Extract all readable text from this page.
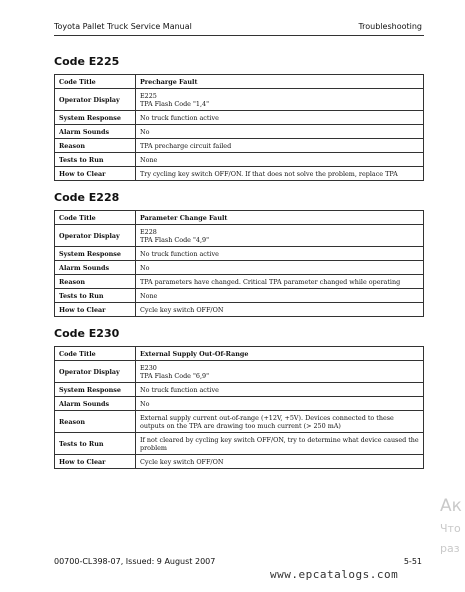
Toyota Pallet Truck Service Manual	Troubleshooting
Code E225
Code Title	Precharge Fault
Operator Display	E225
TPA Flash Code "1,4"
System Response	No truck function active
Alarm Sounds	No
Reason	TPA precharge circuit failed
Tests to Run	None
How to Clear	Try cycling key switch OFF/ON. If that does not solve the problem, replace TPA
Code E228
Code Title	Parameter Change Fault
Operator Display	E228
TPA Flash Code "4,9"
System Response	No truck function active
Alarm Sounds	No
Reason	TPA parameters have changed. Critical TPA parameter changed while operating
Tests to Run	None
How to Clear	Cycle key switch OFF/ON
Code E230
Code Title	External Supply Out-Of-Range
Operator Display	E230
TPA Flash Code "6,9"
System Response	No truck function active
Alarm Sounds	No
Reason	External supply current out-of-range (+12V, +5V). Devices connected to these outputs on the TPA are drawing too much current (> 250 mA)
Tests to Run	If not cleared by cycling key switch OFF/ON, try to determine what device caused the problem
How to Clear	Cycle key switch OFF/ON
Ак
Что
раз
00700-CL398-07, Issued: 9 August 2007	5-51
www.epcatalogs.com
